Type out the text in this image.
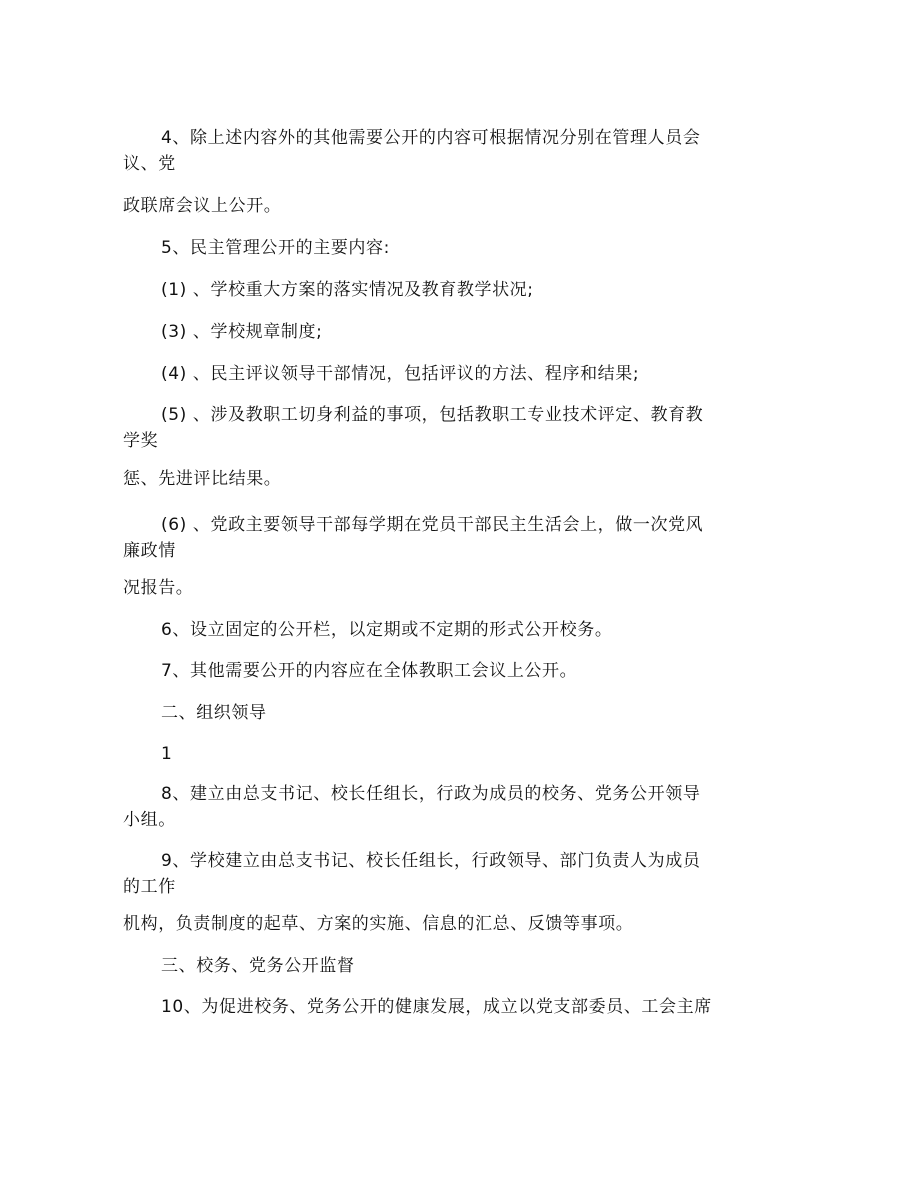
4、除上述内容外的其他需要公开的内容可根据情况分别在管理人员会
议、党
政联席会议上公开。
5、民主管理公开的主要内容:
(1) 、学校重大方案的落实情况及教育教学状况;
(3) 、学校规章制度;
(4) 、民主评议领导干部情况，包括评议的方法、程序和结果;
(5) 、涉及教职工切身利益的事项，包括教职工专业技术评定、教育教
学奖
惩、先进评比结果。
(6) 、党政主要领导干部每学期在党员干部民主生活会上，做一次党风
廉政情
况报告。
6、设立固定的公开栏，以定期或不定期的形式公开校务。
7、其他需要公开的内容应在全体教职工会议上公开。
二、组织领导
1
8、建立由总支书记、校长任组长，行政为成员的校务、党务公开领导
小组。
9、学校建立由总支书记、校长任组长，行政领导、部门负责人为成员
的工作
机构，负责制度的起草、方案的实施、信息的汇总、反馈等事项。
三、校务、党务公开监督
10、为促进校务、党务公开的健康发展，成立以党支部委员、工会主席
